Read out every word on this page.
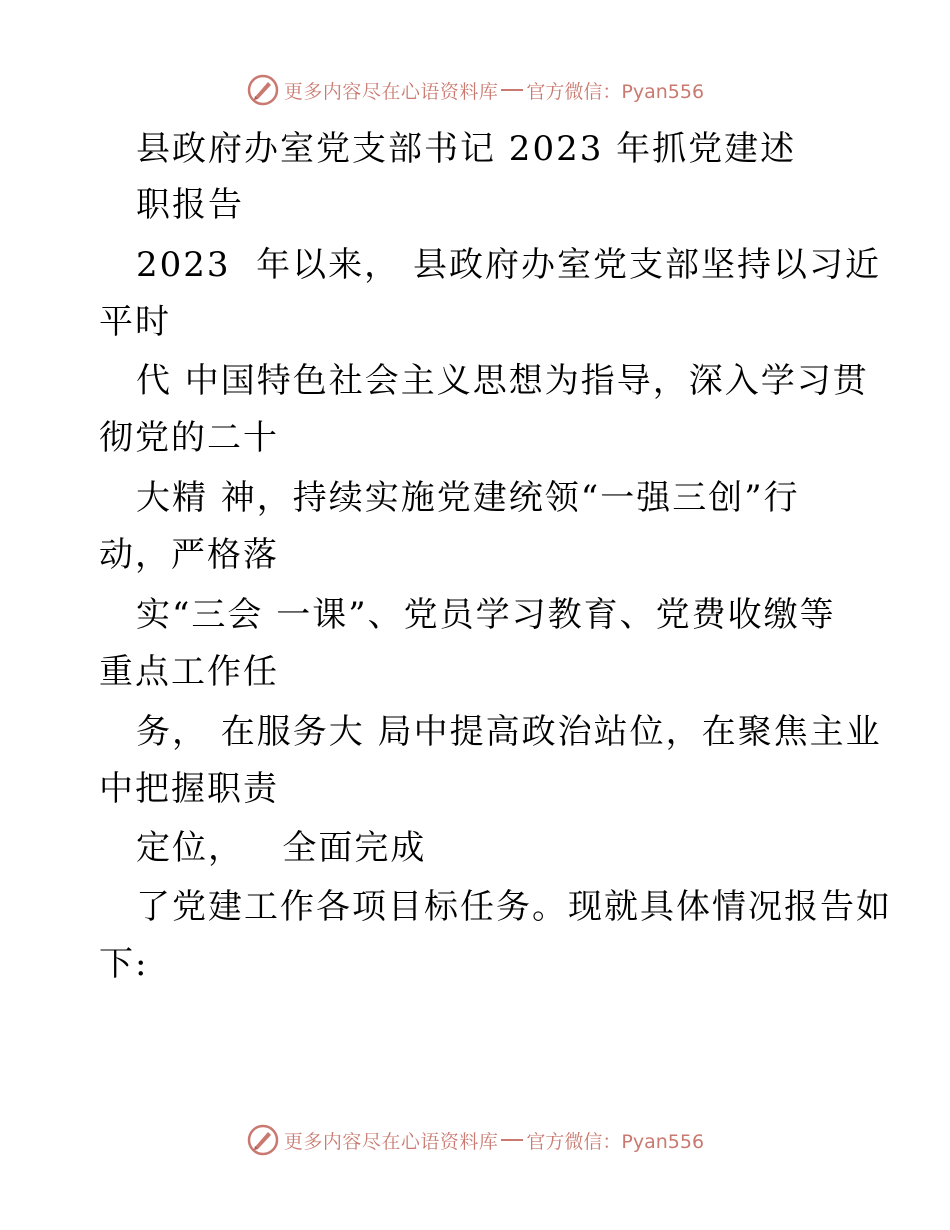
更多内容尽在心语资料库 官方微信：Pyan556
县政府办室党支部书记 2023 年抓党建述
职报告
2023  年以来， 县政府办室党支部坚持以习近
平时
代 中国特色社会主义思想为指导，深入学习贯
彻党的二十
大精 神，持续实施党建统领“一强三创”行
动，严格落
实“三会 一课”、党员学习教育、党费收缴等
重点工作任
务， 在服务大 局中提高政治站位，在聚焦主业
中把握职责
定位，   全面完成
了党建工作各项目标任务。现就具体情况报告如
下:
更多内容尽在心语资料库 官方微信：Pyan556
